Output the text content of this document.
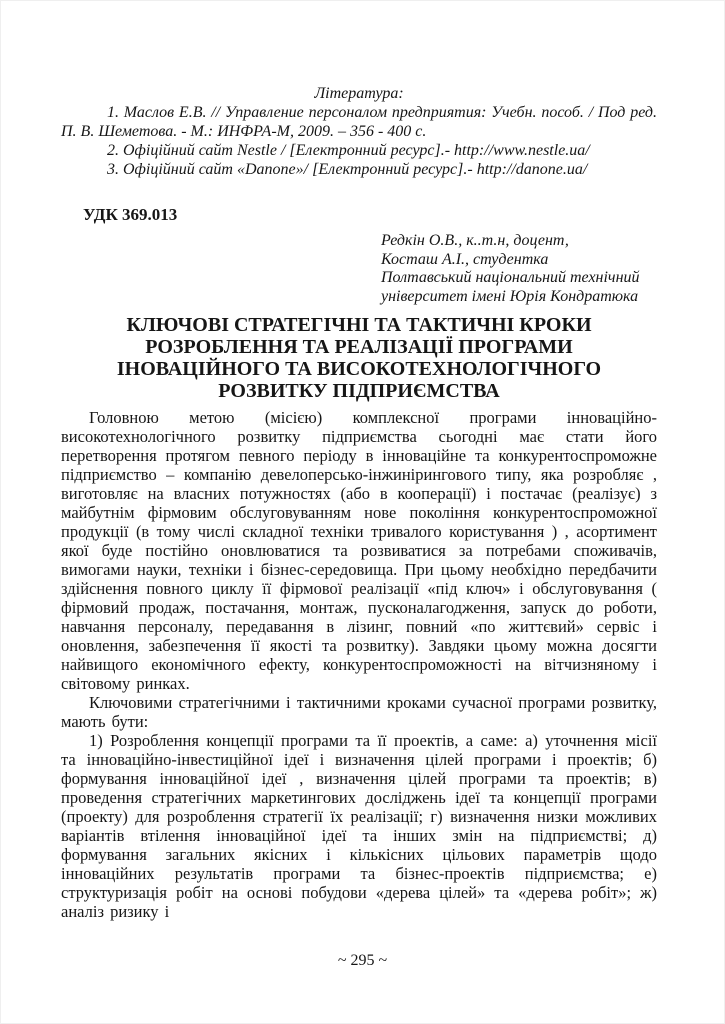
Література:

1. Маслов Е.В. // Управление персоналом предприятия: Учебн. пособ. / Под ред. П. В. Шеметова. - М.: ИНФРА-М, 2009. – 356 - 400 с.

2. Офіційний сайт Nestle / [Електронний ресурс].- http://www.nestle.ua/

3. Офіційний сайт «Danone»/ [Електронний ресурс].- http://danone.ua/

УДК 369.013
Редкін О.В., к..т.н, доцент,
Косташ А.І., студентка
Полтавський національний технічний
університет імені Юрія Кондратюка
КЛЮЧОВІ СТРАТЕГІЧНІ ТА ТАКТИЧНІ КРОКИ РОЗРОБЛЕННЯ ТА РЕАЛІЗАЦІЇ ПРОГРАМИ ІНОВАЦІЙНОГО ТА ВИСОКОТЕХНОЛОГІЧНОГО РОЗВИТКУ ПІДПРИЄМСТВА

Головною метою (місією) комплексної програми інноваційно-високотехнологічного розвитку підприємства сьогодні має стати його перетворення протягом певного періоду в інноваційне та конкурентоспроможне підприємство – компанію девелоперсько-інжинірингового типу, яка розробляє , виготовляє на власних потужностях (або в кооперації) і постачає (реалізує) з майбутнім фірмовим обслуговуванням нове покоління конкурентоспроможної продукції (в тому числі складної техніки тривалого користування ) , асортимент якої буде постійно оновлюватися та розвиватися за потребами споживачів, вимогами науки, техніки і бізнес-середовища. При цьому необхідно передбачити здійснення повного циклу її фірмової реалізації «під ключ» і обслуговування ( фірмовий продаж, постачання, монтаж, пусконалагодження, запуск до роботи, навчання персоналу, передавання в лізинг, повний «по життєвий» сервіс і оновлення, забезпечення її якості та розвитку). Завдяки цьому можна досягти найвищого економічного ефекту, конкурентоспроможності на вітчизняному і світовому ринках.

Ключовими стратегічними і тактичними кроками сучасної програми розвитку, мають бути:

1) Розроблення концепції програми та її проектів, а саме: а) уточнення місії та інноваційно-інвестиційної ідеї і визначення цілей програми і проектів; б) формування інноваційної ідеї , визначення цілей програми та проектів; в) проведення стратегічних маркетингових досліджень ідеї та концепції програми (проекту) для розроблення стратегії їх реалізації; г) визначення низки можливих варіантів втілення інноваційної ідеї та інших змін на підприємстві; д) формування загальних якісних і кількісних цільових параметрів щодо інноваційних результатів програми та бізнес-проектів підприємства; е) структуризація робіт на основі побудови «дерева цілей» та «дерева робіт»; ж) аналіз ризику і

~ 295 ~
